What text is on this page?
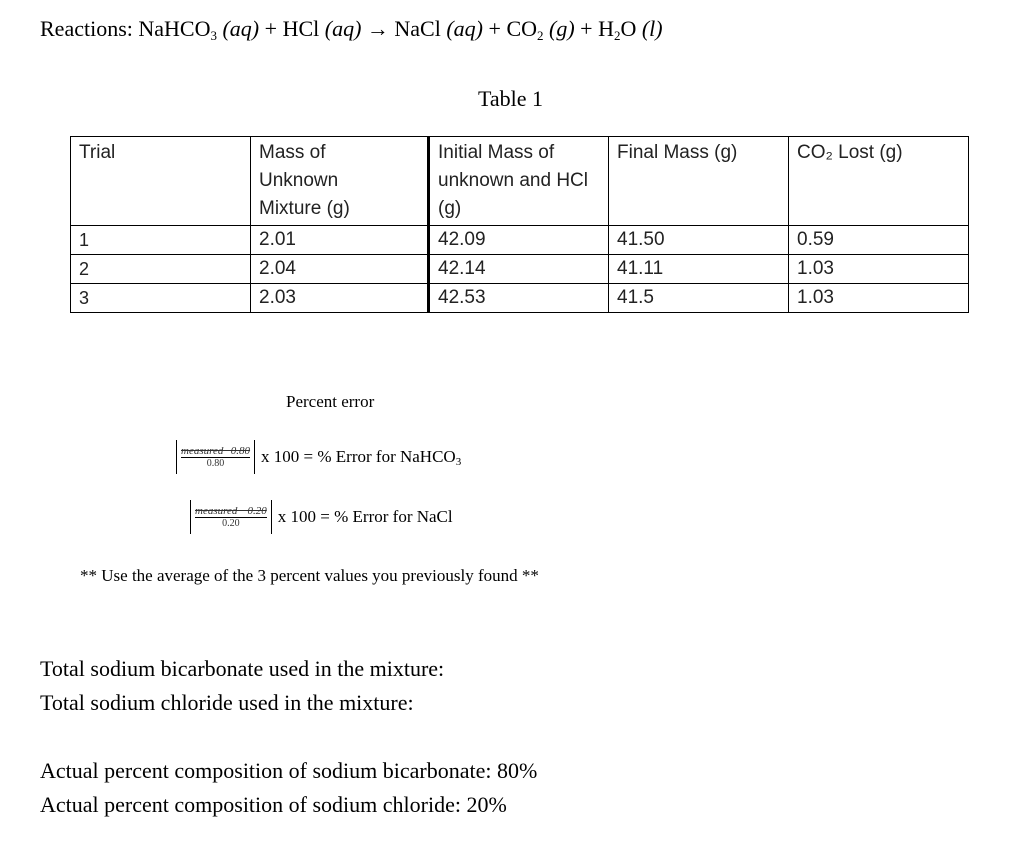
Reactions: NaHCO$_3$ (aq) + HCl (aq) → NaCl $(aq) + CO_2$ $(g) + H_2O$ (l)
Table 1
Trial	Mass of Unknown Mixture (g)	Initial Mass of unknown and HCl (g)	Final Mass (g)	CO₂ Lost (g)
1	2.01	42.09	41.50	0.59
2	2.04	42.14	41.11	1.03
3	2.03	42.53	41.5	1.03
Percent error
$\frac{\text{measured−0.80}}{0.80}$ x 100 = % Error for NaHCO$_3$
$\frac{\text{measured− 0.20}}{0.20}$ x 100 = % Error for NaCl
** Use the average of the 3 percent values you previously found **
Total sodium bicarbonate used in the mixture:
Total sodium chloride used in the mixture:
Actual percent composition of sodium bicarbonate: 80%
Actual percent composition of sodium chloride: 20%
